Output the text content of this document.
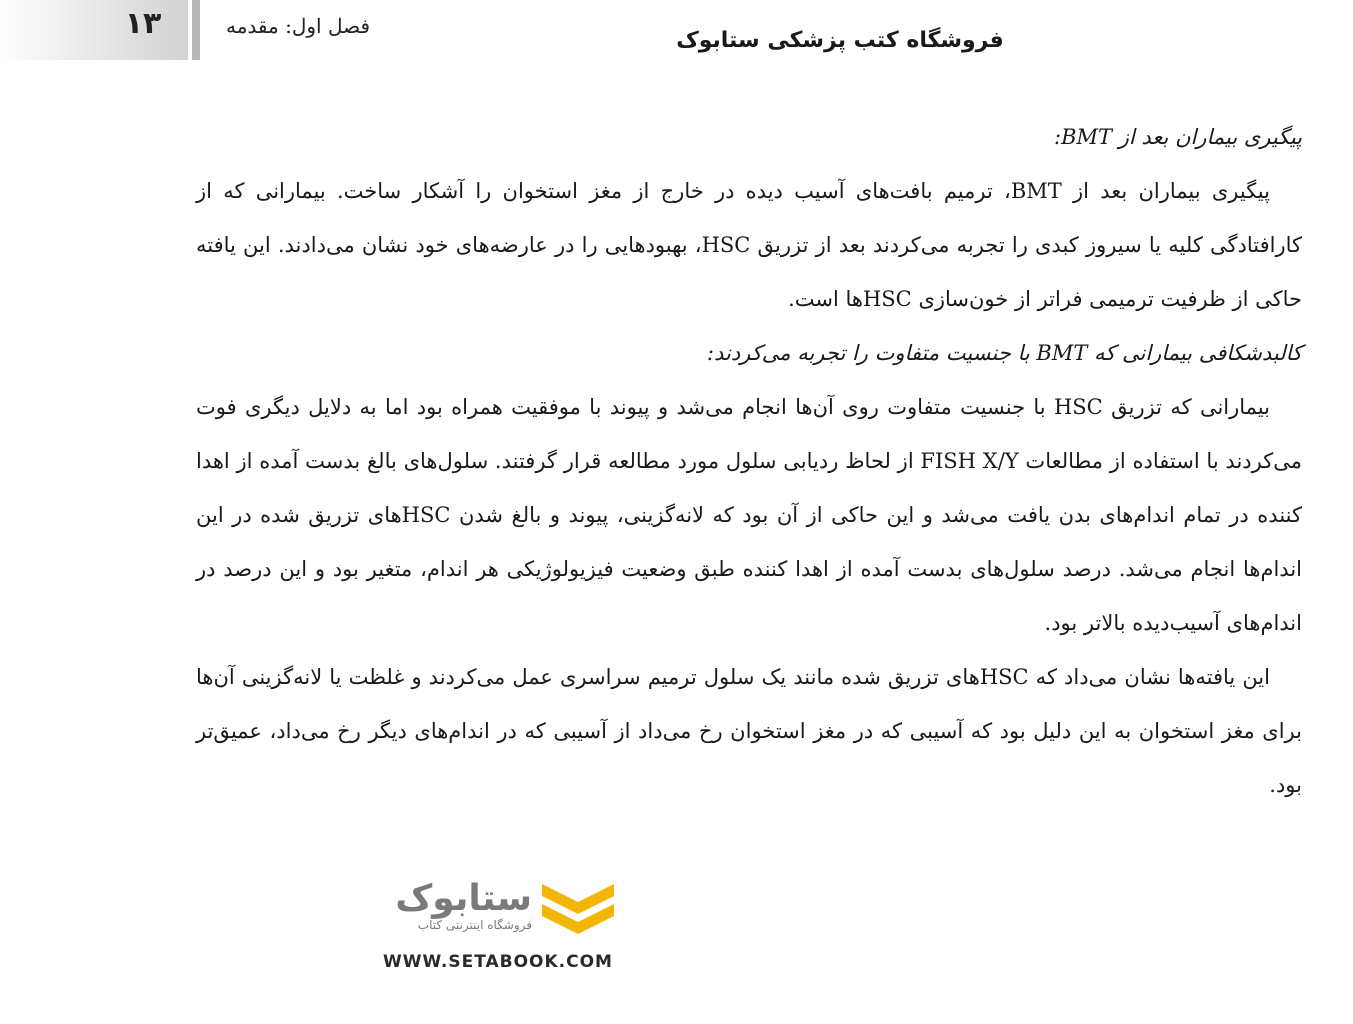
۱۳	فصل اول: مقدمه
فروشگاه کتب پزشکی ستابوک

پیگیری بیماران بعد از BMT:

پیگیری بیماران بعد از BMT، ترمیم بافت‌های آسیب دیده در خارج از مغز استخوان را آشکار ساخت. بیمارانی که از کارافتادگی کلیه یا سیروز کبدی را تجربه می‌کردند بعد از تزریق HSC، بهبودهایی را در عارضه‌های خود نشان می‌دادند. این یافته حاکی از ظرفیت ترمیمی فراتر از خون‌سازی HSCها است.

کالبدشکافی بیمارانی که BMT با جنسیت متفاوت را تجربه می‌کردند:

بیمارانی که تزریق HSC با جنسیت متفاوت روی آن‌ها انجام می‌شد و پیوند با موفقیت همراه بود اما به دلایل دیگری فوت می‌کردند با استفاده از مطالعات FISH X/Y از لحاظ ردیابی سلول مورد مطالعه قرار گرفتند. سلول‌های بالغ بدست آمده از اهدا کننده در تمام اندام‌های بدن یافت می‌شد و این حاکی از آن بود که لانه‌گزینی، پیوند و بالغ شدن HSCهای تزریق شده در این اندام‌ها انجام می‌شد. درصد سلول‌های بدست آمده از اهدا کننده طبق وضعیت فیزیولوژیکی هر اندام، متغیر بود و این درصد در اندام‌های آسیب‌دیده بالاتر بود.

این یافته‌ها نشان می‌داد که HSCهای تزریق شده مانند یک سلول ترمیم سراسری عمل می‌کردند و غلظت یا لانه‌گزینی آن‌ها برای مغز استخوان به این دلیل بود که آسیبی که در مغز استخوان رخ می‌داد از آسیبی که در اندام‌های دیگر رخ می‌داد، عمیق‌تر بود.

ستابوک
فروشگاه اینترنتی کتاب
WWW.SETABOOK.COM
